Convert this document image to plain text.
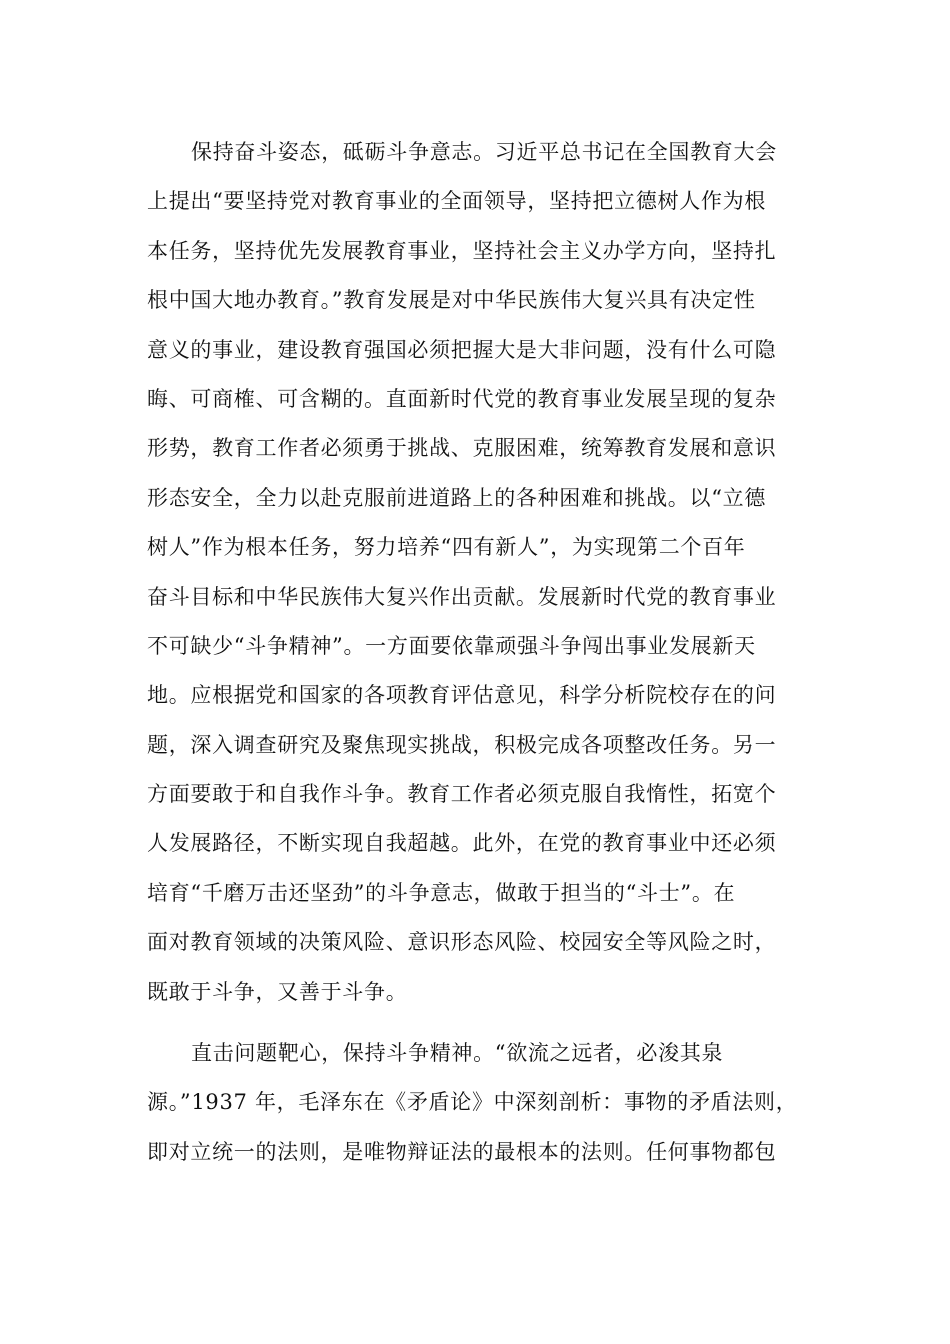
保持奋斗姿态，砥砺斗争意志。习近平总书记在全国教育大会
上提出“要坚持党对教育事业的全面领导，坚持把立德树人作为根
本任务，坚持优先发展教育事业，坚持社会主义办学方向，坚持扎
根中国大地办教育。”教育发展是对中华民族伟大复兴具有决定性
意义的事业，建设教育强国必须把握大是大非问题，没有什么可隐
晦、可商榷、可含糊的。直面新时代党的教育事业发展呈现的复杂
形势，教育工作者必须勇于挑战、克服困难，统筹教育发展和意识
形态安全，全力以赴克服前进道路上的各种困难和挑战。以“立德
树人”作为根本任务，努力培养“四有新人”，为实现第二个百年
奋斗目标和中华民族伟大复兴作出贡献。发展新时代党的教育事业
不可缺少“斗争精神”。一方面要依靠顽强斗争闯出事业发展新天
地。应根据党和国家的各项教育评估意见，科学分析院校存在的问
题，深入调查研究及聚焦现实挑战，积极完成各项整改任务。另一
方面要敢于和自我作斗争。教育工作者必须克服自我惰性，拓宽个
人发展路径，不断实现自我超越。此外，在党的教育事业中还必须
培育“千磨万击还坚劲”的斗争意志，做敢于担当的“斗士”。在
面对教育领域的决策风险、意识形态风险、校园安全等风险之时，
既敢于斗争，又善于斗争。
直击问题靶心，保持斗争精神。“欲流之远者，必浚其泉
源。”1937 年，毛泽东在《矛盾论》中深刻剖析：事物的矛盾法则，
即对立统一的法则，是唯物辩证法的最根本的法则。任何事物都包
